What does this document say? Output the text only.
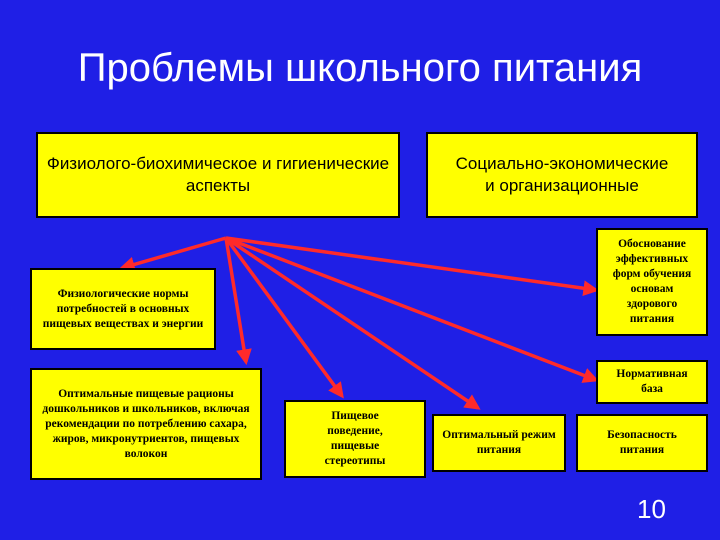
Проблемы школьного питания
Физиолого-биохимическое и гигиенические аспекты
Социально-экономические и организационные
Физиологические нормы потребностей в основных пищевых веществах и энергии
Оптимальные пищевые рационы дошкольников и школьников, включая рекомендации по потреблению сахара, жиров, микронутриентов, пищевых волокон
Пищевое поведение, пищевые стереотипы
Оптимальный режим питания
Безопасность питания
Обоснование эффективных форм обучения основам здорового питания
Нормативная база
10
